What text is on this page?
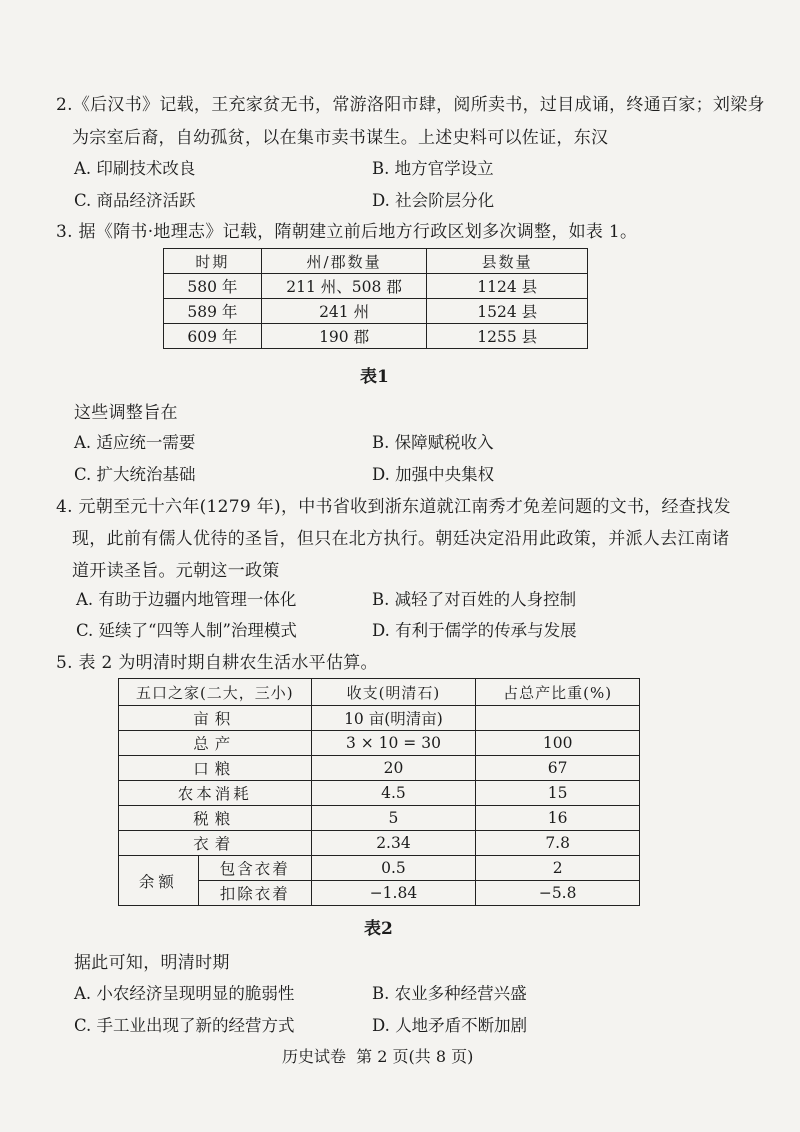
2.《后汉书》记载，王充家贫无书，常游洛阳市肆，阅所卖书，过目成诵，终通百家；刘梁身
为宗室后裔，自幼孤贫，以在集市卖书谋生。上述史料可以佐证，东汉
A. 印刷技术改良	B. 地方官学设立
C. 商品经济活跃	D. 社会阶层分化
3. 据《隋书·地理志》记载，隋朝建立前后地方行政区划多次调整，如表 1。
时期	州/郡数量	县数量
580 年	211 州、508 郡	1124 县
589 年	241 州	1524 县
609 年	190 郡	1255 县
表1
这些调整旨在
A. 适应统一需要	B. 保障赋税收入
C. 扩大统治基础	D. 加强中央集权
4. 元朝至元十六年(1279 年)，中书省收到浙东道就江南秀才免差问题的文书，经查找发
现，此前有儒人优待的圣旨，但只在北方执行。朝廷决定沿用此政策，并派人去江南诸
道开读圣旨。元朝这一政策
A. 有助于边疆内地管理一体化	B. 减轻了对百姓的人身控制
C. 延续了“四等人制”治理模式	D. 有利于儒学的传承与发展
5. 表 2 为明清时期自耕农生活水平估算。
五口之家(二大，三小)		收支(明清石)	占总产比重(%)
亩积		10 亩(明清亩)	
总产		3 × 10 = 30	100
口粮		20	67
农本消耗		4.5	15
税粮		5	16
衣着		2.34	7.8
余额	包含衣着	0.5	2
	扣除衣着	−1.84	−5.8
表2
据此可知，明清时期
A. 小农经济呈现明显的脆弱性	B. 农业多种经营兴盛
C. 手工业出现了新的经营方式	D. 人地矛盾不断加剧
历史试卷  第 2 页(共 8 页)
